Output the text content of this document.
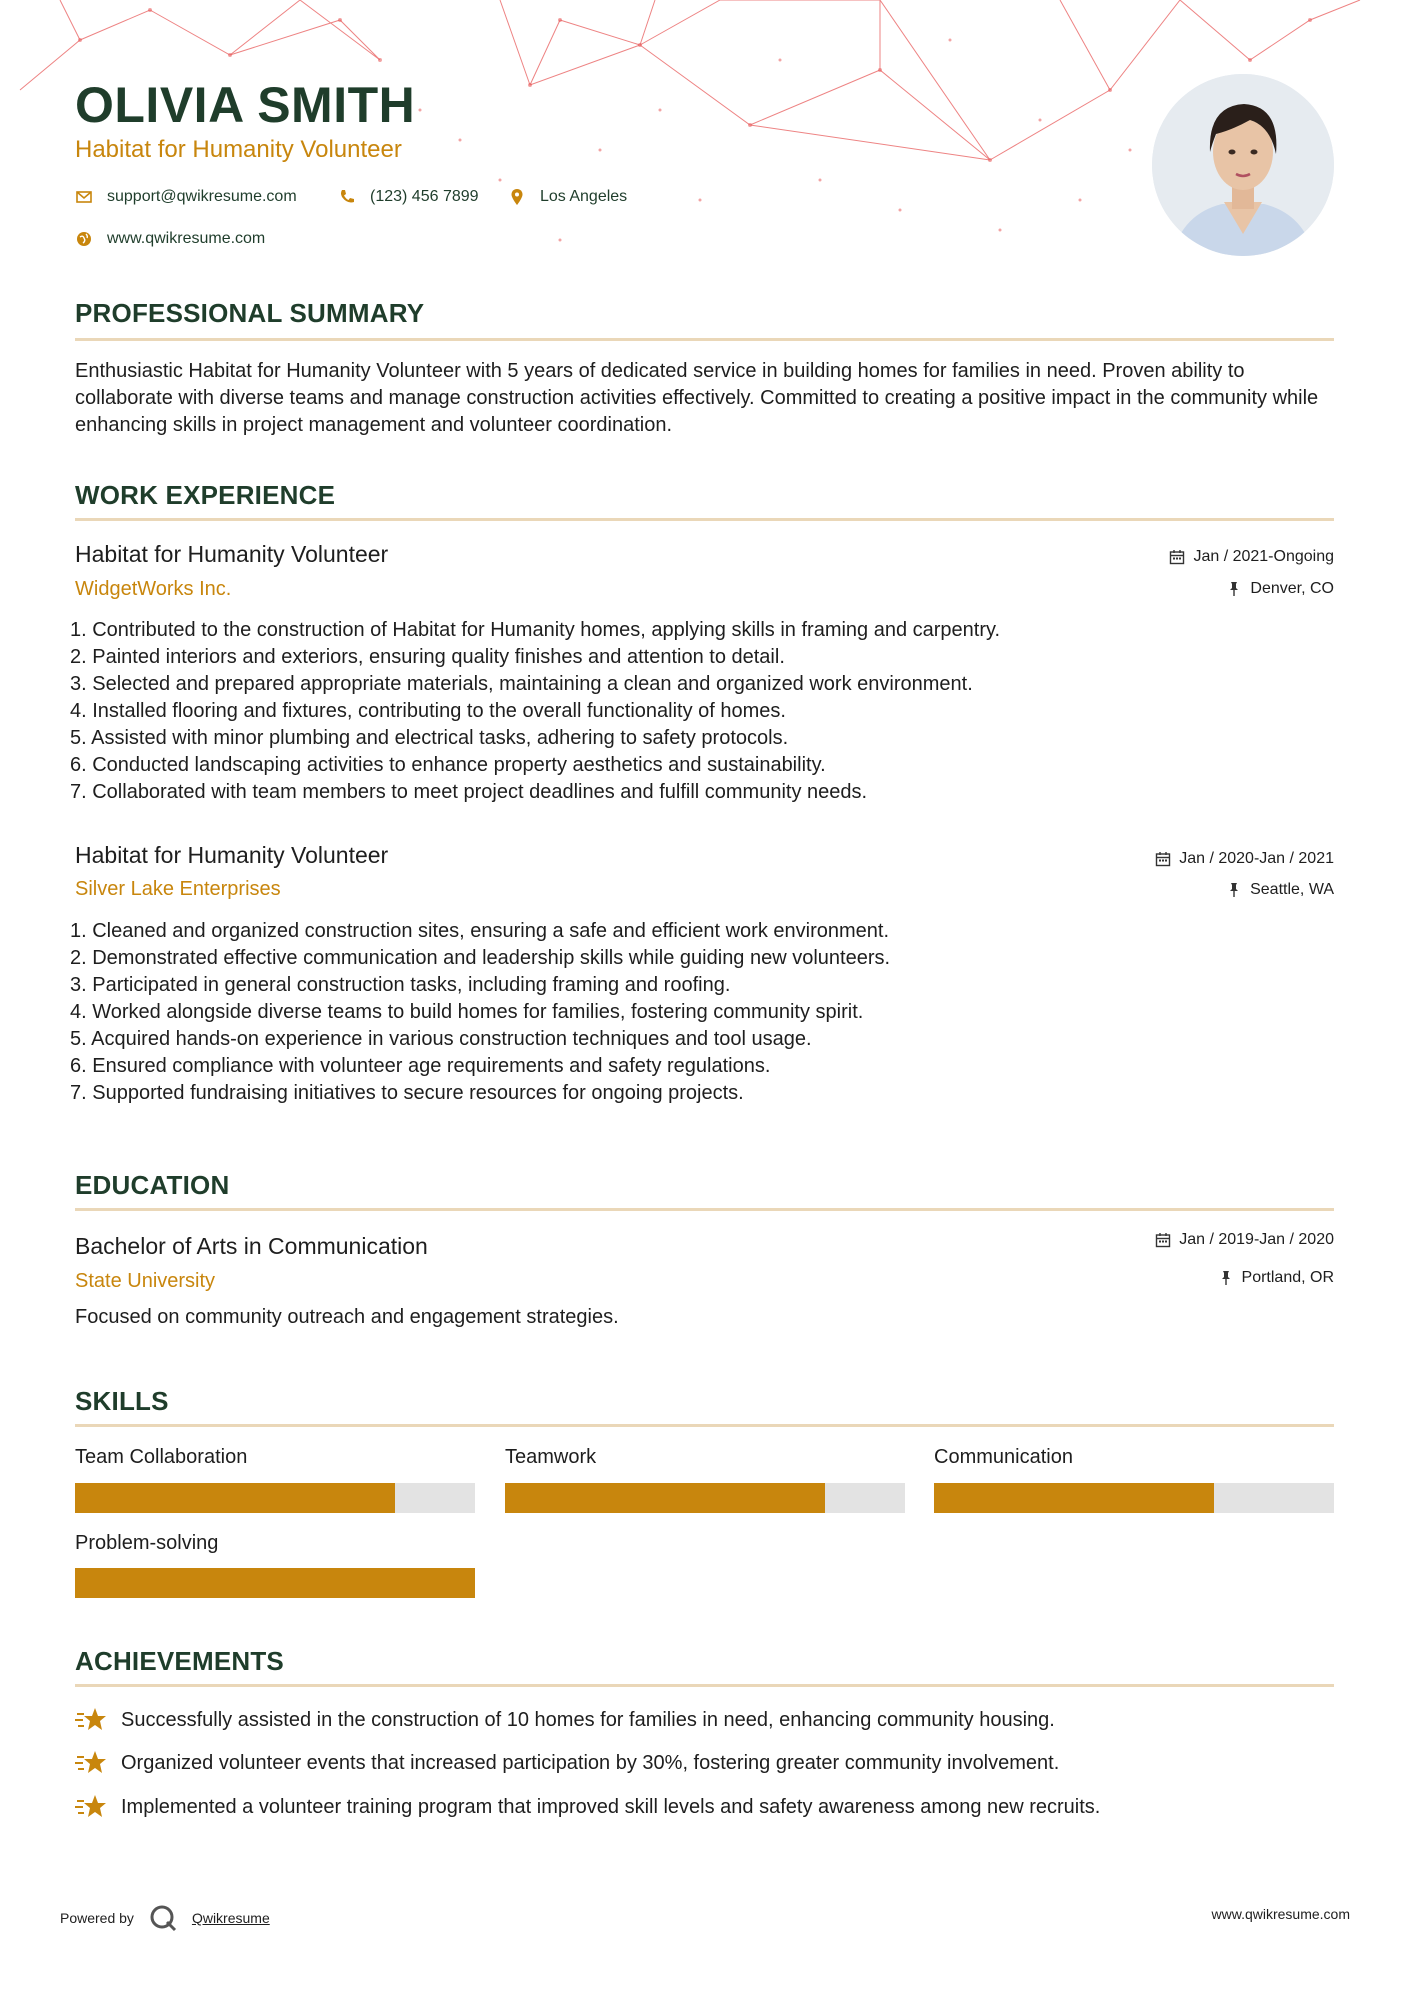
OLIVIA SMITH
Habitat for Humanity Volunteer
support@qwikresume.com	(123) 456 7899	Los Angeles
www.qwikresume.com
PROFESSIONAL SUMMARY

Enthusiastic Habitat for Humanity Volunteer with 5 years of dedicated service in building homes for families in need. Proven ability to collaborate with diverse teams and manage construction activities effectively. Committed to creating a positive impact in the community while enhancing skills in project management and volunteer coordination.

WORK EXPERIENCE
Habitat for Humanity Volunteer
WidgetWorks Inc.
Jan / 2021-Ongoing
Denver, CO
1. Contributed to the construction of Habitat for Humanity homes, applying skills in framing and carpentry.
2. Painted interiors and exteriors, ensuring quality finishes and attention to detail.
3. Selected and prepared appropriate materials, maintaining a clean and organized work environment.
4. Installed flooring and fixtures, contributing to the overall functionality of homes.
5. Assisted with minor plumbing and electrical tasks, adhering to safety protocols.
6. Conducted landscaping activities to enhance property aesthetics and sustainability.
7. Collaborated with team members to meet project deadlines and fulfill community needs.
Habitat for Humanity Volunteer
Silver Lake Enterprises
Jan / 2020-Jan / 2021
Seattle, WA
1. Cleaned and organized construction sites, ensuring a safe and efficient work environment.
2. Demonstrated effective communication and leadership skills while guiding new volunteers.
3. Participated in general construction tasks, including framing and roofing.
4. Worked alongside diverse teams to build homes for families, fostering community spirit.
5. Acquired hands-on experience in various construction techniques and tool usage.
6. Ensured compliance with volunteer age requirements and safety regulations.
7. Supported fundraising initiatives to secure resources for ongoing projects.
EDUCATION
Bachelor of Arts in Communication
State University
Jan / 2019-Jan / 2020
Portland, OR
Focused on community outreach and engagement strategies.
SKILLS
Team Collaboration	Teamwork	Communication
Problem-solving
ACHIEVEMENTS
Successfully assisted in the construction of 10 homes for families in need, enhancing community housing.
Organized volunteer events that increased participation by 30%, fostering greater community involvement.
Implemented a volunteer training program that improved skill levels and safety awareness among new recruits.
Powered by	Qwikresume	www.qwikresume.com
